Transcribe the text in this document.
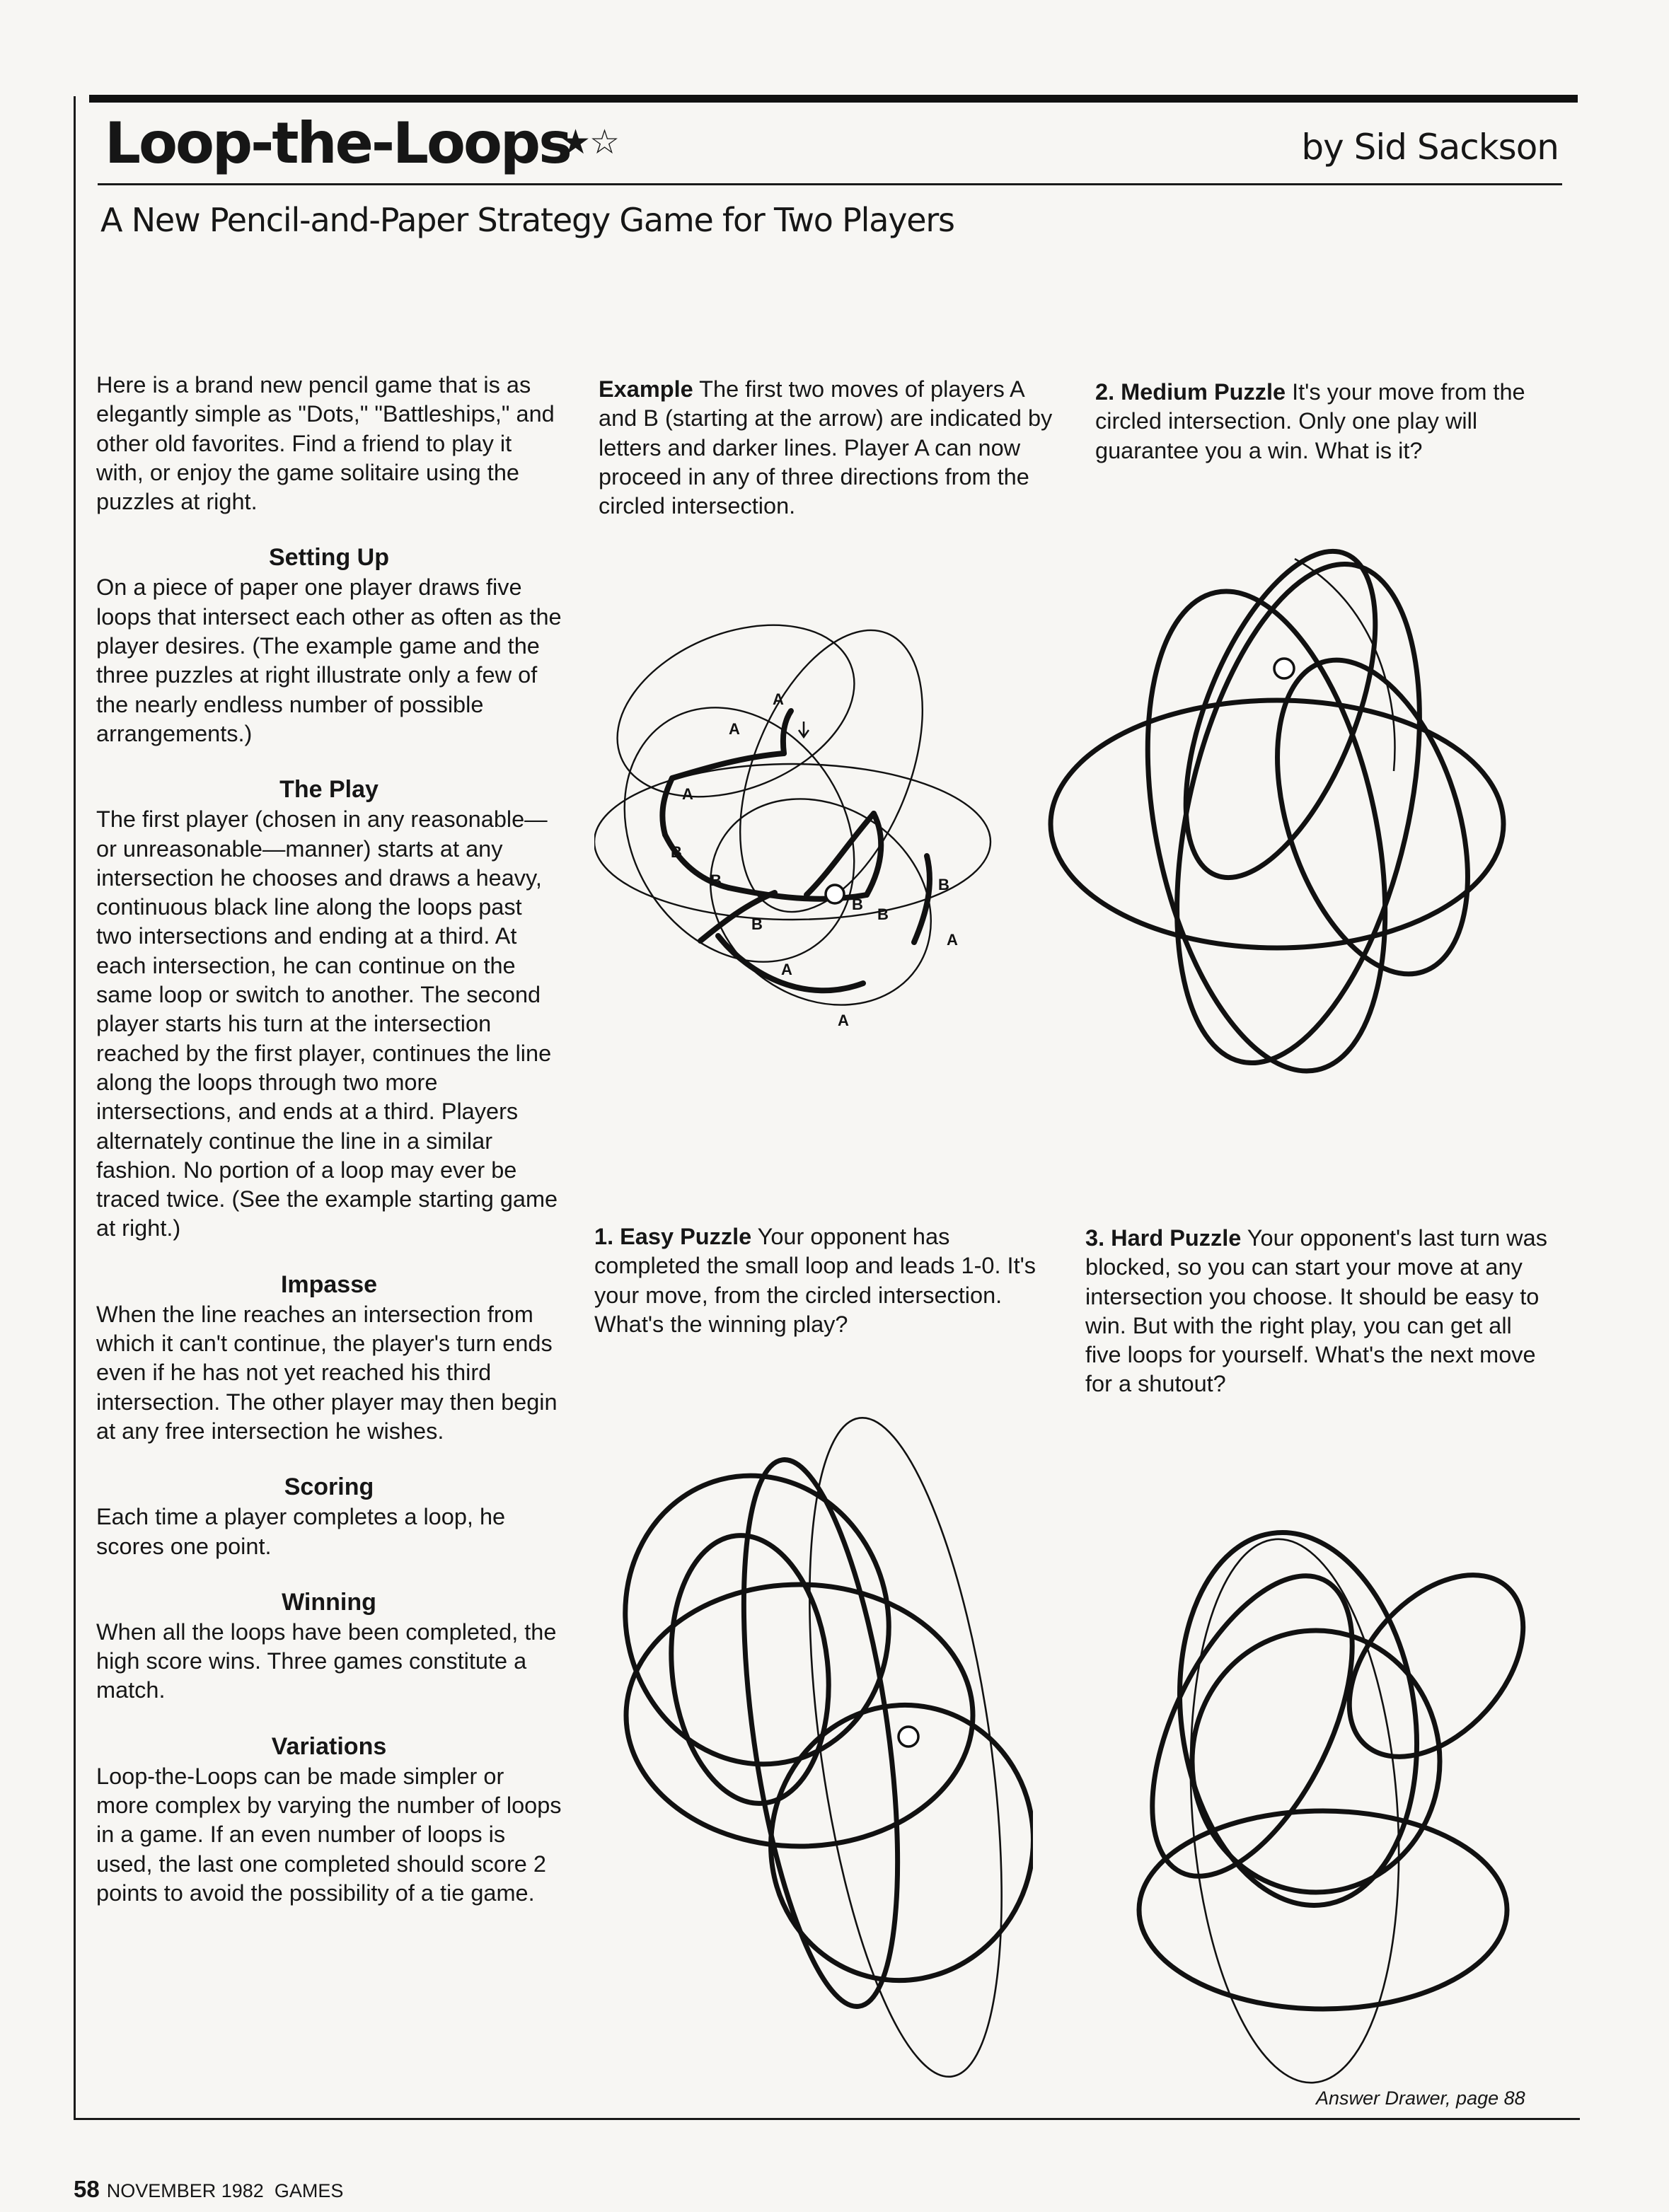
Loop-the-Loops
★☆	by Sid Sackson
A New Pencil-and-Paper Strategy Game for Two Players

Here is a brand new pencil game that is as elegantly simple as "Dots," "Battleships," and other old favorites. Find a friend to play it with, or enjoy the game solitaire using the puzzles at right.

Setting Up

On a piece of paper one player draws five loops that intersect each other as often as the player desires. (The example game and the three puzzles at right illustrate only a few of the nearly endless number of possible arrangements.)

The Play

The first player (chosen in any reasonable—or unreasonable—manner) starts at any intersection he chooses and draws a heavy, continuous black line along the loops past two intersections and ending at a third. At each intersection, he can continue on the same loop or switch to another. The second player starts his turn at the intersection reached by the first player, continues the line along the loops through two more intersections, and ends at a third. Players alternately continue the line in a similar fashion. No portion of a loop may ever be traced twice. (See the example starting game at right.)

Impasse

When the line reaches an intersection from which it can't continue, the player's turn ends even if he has not yet reached his third intersection. The other player may then begin at any free intersection he wishes.

Scoring

Each time a player completes a loop, he scores one point.

Winning

When all the loops have been completed, the high score wins. Three games constitute a match.

Variations

Loop-the-Loops can be made simpler or more complex by varying the number of loops in a game. If an even number of loops is used, the last one completed should score 2 points to avoid the possibility of a tie game.

Example The first two moves of players A and B (starting at the arrow) are indicated by letters and darker lines. Player A can now proceed in any of three directions from the circled intersection.

2. Medium Puzzle It's your move from the circled intersection. Only one play will guarantee you a win. What is it?

1. Easy Puzzle Your opponent has completed the small loop and leads 1-0. It's your move, from the circled intersection. What's the winning play?

3. Hard Puzzle Your opponent's last turn was blocked, so you can start your move at any intersection you choose. It should be easy to win. But with the right play, you can get all five loops for yourself. What's the next move for a shutout?

A
A
A
A
A
A
B
B
B
B
B
B
Answer Drawer, page 88
58 NOVEMBER 1982  GAMES
